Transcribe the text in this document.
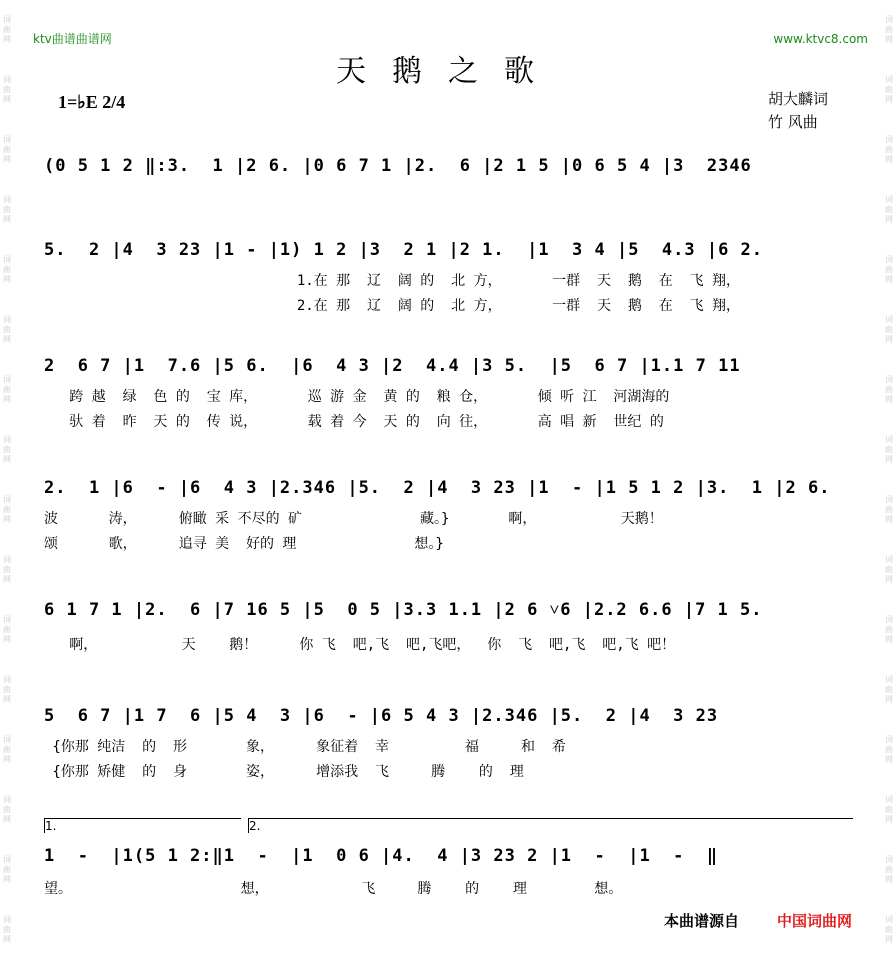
词
曲
网
词
曲
网
词
曲
网
词
曲
网
词
曲
网
词
曲
网
词
曲
网
词
曲
网
词
曲
网
词
曲
网
词
曲
网
词
曲
网
词
曲
网
词
曲
网
词
曲
网
词
曲
网
词
曲
网
词
曲
网
词
曲
网
词
曲
网
词
曲
网
词
曲
网
词
曲
网
词
曲
网
词
曲
网
词
曲
网
词
曲
网
词
曲
网
词
曲
网
词
曲
网
词
曲
网
词
曲
网
ktv曲谱曲谱网	www.ktvc8.com
天鹅之歌
1=♭E 2/4	胡大麟词
竹 风曲
(0 5 1 2 ‖:3.  1 |2 6. |0 6 7 1 |2.  6 |2 1 5 |0 6 5 4 |3  2346
5.  2 |4  3 23 |1 - |1) 1 2 |3  2 1 |2 1.  |1  3 4 |5  4.3 |6 2.
1.在 那  辽  阔 的  北 方，      一群  天  鹅  在  飞 翔，
2.在 那  辽  阔 的  北 方，      一群  天  鹅  在  飞 翔，
2  6 7 |1  7.6 |5 6.  |6  4 3 |2  4.4 |3 5.  |5  6 7 |1.1 7 11
跨 越  绿  色 的  宝 库，      巡 游 金  黄 的  粮 仓，      倾 听 江  河湖海的
驮 着  昨  天 的  传 说，      载 着 今  天 的  向 往，      高 唱 新  世纪 的
2.  1 |6  - |6  4 3 |2.346 |5.  2 |4  3 23 |1  - |1 5 1 2 |3.  1 |2 6.
波      涛，     俯瞰 采 不尽的 矿              藏。}       啊，          天鹅！
颂      歌，     追寻 美  好的 理              想。}
6 1 7 1 |2.  6 |7 16 5 |5  0 5 |3.3 1.1 |2 6 ˅6 |2.2 6.6 |7 1 5.
啊，          天    鹅！     你 飞  吧,飞  吧,飞吧，  你  飞  吧,飞  吧,飞 吧！
5  6 7 |1 7  6 |5 4  3 |6  - |6 5 4 3 |2.346 |5.  2 |4  3 23
{你那 纯洁  的  形       象，     象征着  幸         福     和  希
{你那 矫健  的  身       姿，     增添我  飞     腾    的  理
1.	2.
1  -  |1(5 1 2:‖1  -  |1  0 6 |4.  4 |3 23 2 |1  -  |1  -  ‖
望。                    想，           飞     腾    的    理        想。
本曲谱源自	中国词曲网
